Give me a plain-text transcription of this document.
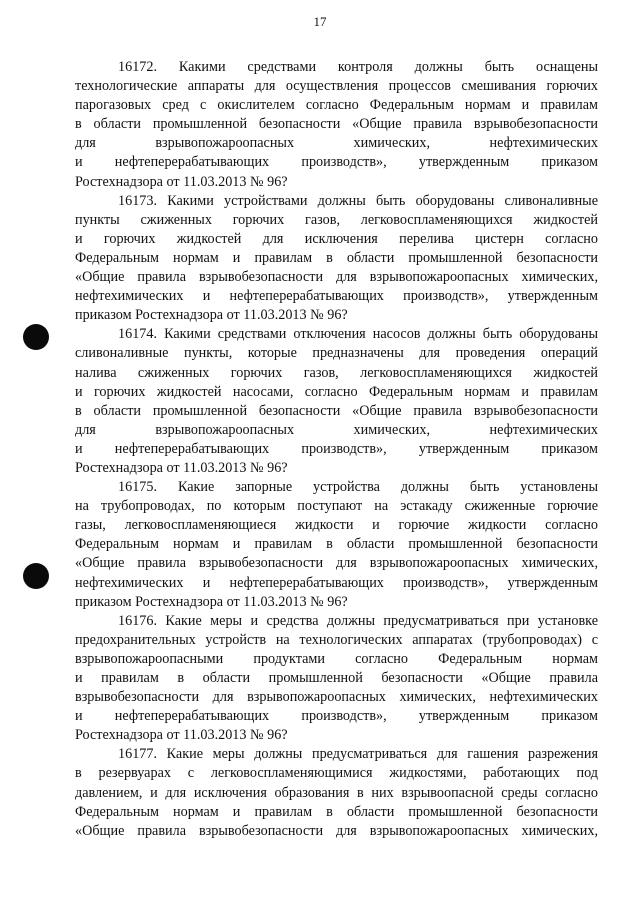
17
16172. Какими средствами контроля должны быть оснащены
технологические аппараты для осуществления процессов смешивания горючих
парогазовых сред с окислителем согласно Федеральным нормам и правилам
в области промышленной безопасности «Общие правила взрывобезопасности
для взрывопожароопасных химических, нефтехимических
и нефтеперерабатывающих производств», утвержденным приказом
Ростехнадзора от 11.03.2013 № 96?
16173. Какими устройствами должны быть оборудованы сливоналивные
пункты сжиженных горючих газов, легковоспламеняющихся жидкостей
и горючих жидкостей для исключения перелива цистерн согласно
Федеральным нормам и правилам в области промышленной безопасности
«Общие правила взрывобезопасности для взрывопожароопасных химических,
нефтехимических и нефтеперерабатывающих производств», утвержденным
приказом Ростехнадзора от 11.03.2013 № 96?
16174. Какими средствами отключения насосов должны быть оборудованы
сливоналивные пункты, которые предназначены для проведения операций
налива сжиженных горючих газов, легковоспламеняющихся жидкостей
и горючих жидкостей насосами, согласно Федеральным нормам и правилам
в области промышленной безопасности «Общие правила взрывобезопасности
для взрывопожароопасных химических, нефтехимических
и нефтеперерабатывающих производств», утвержденным приказом
Ростехнадзора от 11.03.2013 № 96?
16175. Какие запорные устройства должны быть установлены
на трубопроводах, по которым поступают на эстакаду сжиженные горючие
газы, легковоспламеняющиеся жидкости и горючие жидкости согласно
Федеральным нормам и правилам в области промышленной безопасности
«Общие правила взрывобезопасности для взрывопожароопасных химических,
нефтехимических и нефтеперерабатывающих производств», утвержденным
приказом Ростехнадзора от 11.03.2013 № 96?
16176. Какие меры и средства должны предусматриваться при установке
предохранительных устройств на технологических аппаратах (трубопроводах) с
взрывопожароопасными продуктами согласно Федеральным нормам
и правилам в области промышленной безопасности «Общие правила
взрывобезопасности для взрывопожароопасных химических, нефтехимических
и нефтеперерабатывающих производств», утвержденным приказом
Ростехнадзора от 11.03.2013 № 96?
16177. Какие меры должны предусматриваться для гашения разрежения
в резервуарах с легковоспламеняющимися жидкостями, работающих под
давлением, и для исключения образования в них взрывоопасной среды согласно
Федеральным нормам и правилам в области промышленной безопасности
«Общие правила взрывобезопасности для взрывопожароопасных химических,
